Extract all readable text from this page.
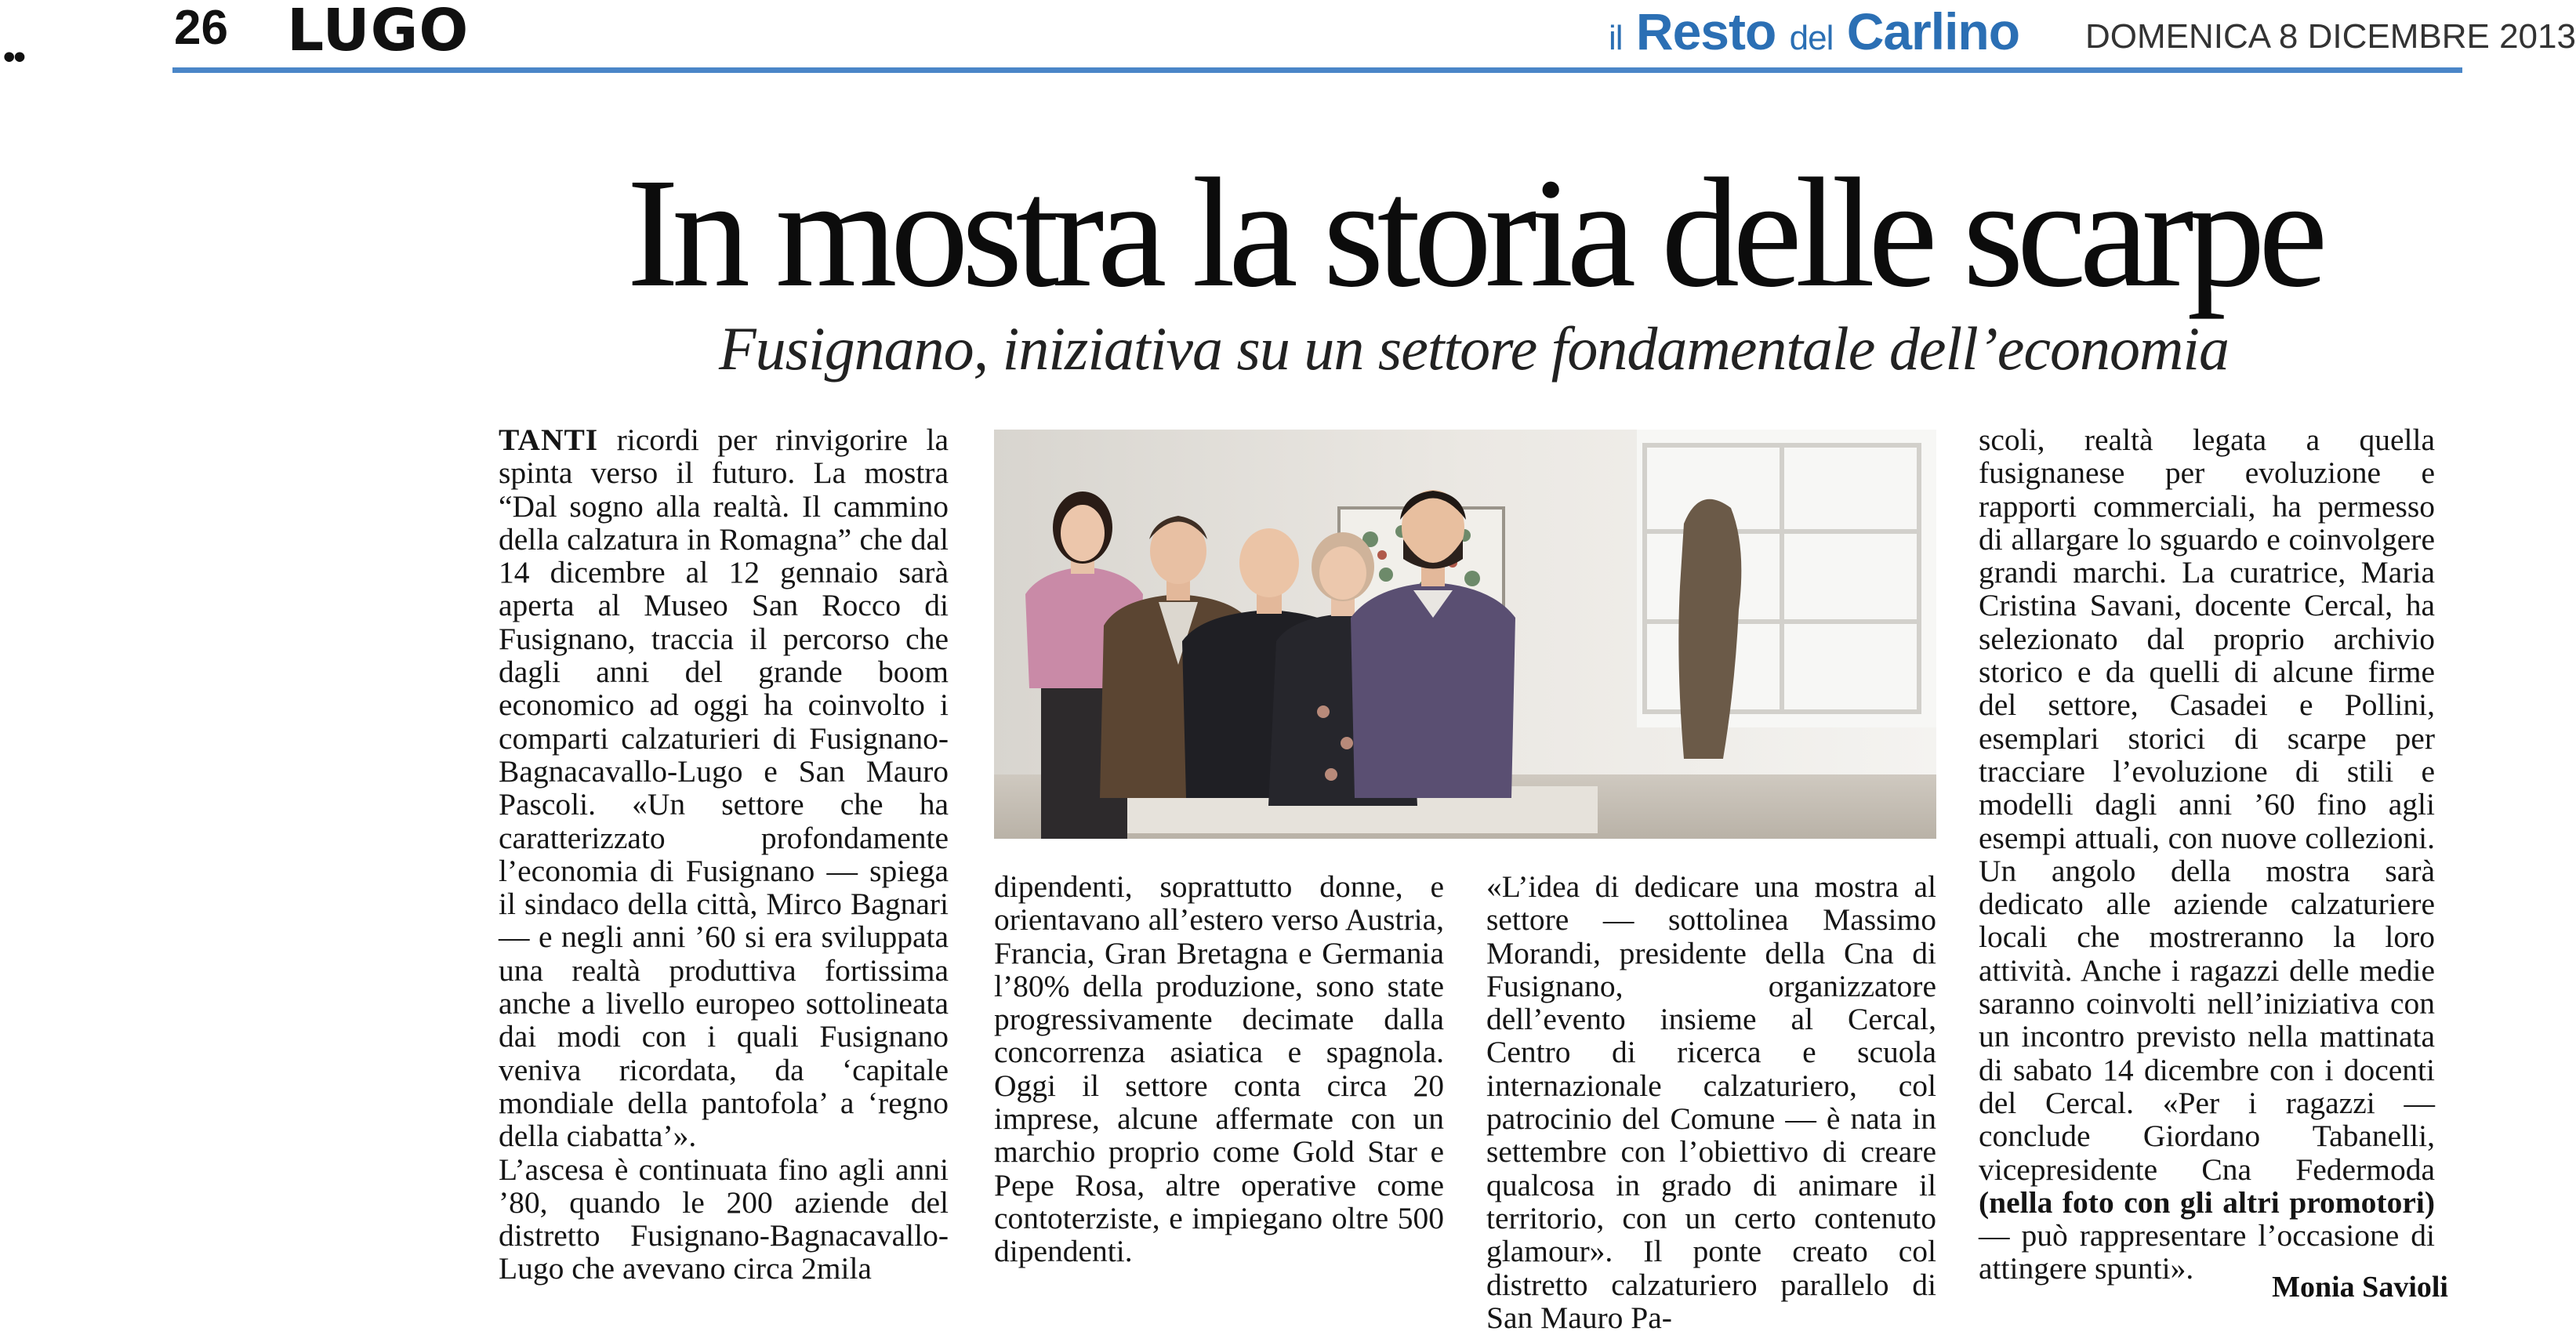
••
26 LUGO	il Resto del Carlino DOMENICA 8 DICEMBRE 2013
In mostra la storia delle scarpe
Fusignano, iniziativa su un settore fondamentale dell’economia

TANTI ricordi per rinvigorire la spinta verso il futuro. La mostra “Dal sogno alla realtà. Il cammino della calzatura in Romagna” che dal 14 dicembre al 12 gennaio sarà aperta al Museo San Rocco di Fusignano, traccia il percorso che dagli anni del grande boom economico ad oggi ha coinvolto i comparti calzaturieri di Fusignano-Bagnacavallo-Lugo e San Mauro Pascoli. «Un settore che ha caratterizzato profondamente l’economia di Fusignano — spiega il sindaco della città, Mirco Bagnari — e negli anni ’60 si era sviluppata una realtà produttiva fortissima anche a livello europeo sottolineata dai modi con i quali Fusignano veniva ricordata, da ‘capitale mondiale della pantofola’ a ‘regno della ciabatta’».

L’ascesa è continuata fino agli anni ’80, quando le 200 aziende del distretto Fusignano-Bagnacavallo-Lugo che avevano circa 2mila

dipendenti, soprattutto donne, e orientavano all’estero verso Austria, Francia, Gran Bretagna e Germania l’80% della produzione, sono state progressivamente decimate dalla concorrenza asiatica e spagnola. Oggi il settore conta circa 20 imprese, alcune affermate con un marchio proprio come Gold Star e Pepe Rosa, altre operative come contoterziste, e impiegano oltre 500 dipendenti.

«L’idea di dedicare una mostra al settore — sottolinea Massimo Morandi, presidente della Cna di Fusignano, organizzatore dell’evento insieme al Cercal, Centro di ricerca e scuola internazionale calzaturiero, col patrocinio del Comune — è nata in settembre con l’obiettivo di creare qualcosa in grado di animare il territorio, con un certo contenuto glamour». Il ponte creato col distretto calzaturiero parallelo di San Mauro Pa-

scoli, realtà legata a quella fusignanese per evoluzione e rapporti commerciali, ha permesso di allargare lo sguardo e coinvolgere grandi marchi. La curatrice, Maria Cristina Savani, docente Cercal, ha selezionato dal proprio archivio storico e da quelli di alcune firme del settore, Casadei e Pollini, esemplari storici di scarpe per tracciare l’evoluzione di stili e modelli dagli anni ’60 fino agli esempi attuali, con nuove collezioni. Un angolo della mostra sarà dedicato alle aziende calzaturiere locali che mostreranno la loro attività. Anche i ragazzi delle medie saranno coinvolti nell’iniziativa con un incontro previsto nella mattinata di sabato 14 dicembre con i docenti del Cercal. «Per i ragazzi — conclude Giordano Tabanelli, vicepresidente Cna Federmoda (nella foto con gli altri promotori) — può rappresentare l’occasione di attingere spunti».

Monia Savioli
